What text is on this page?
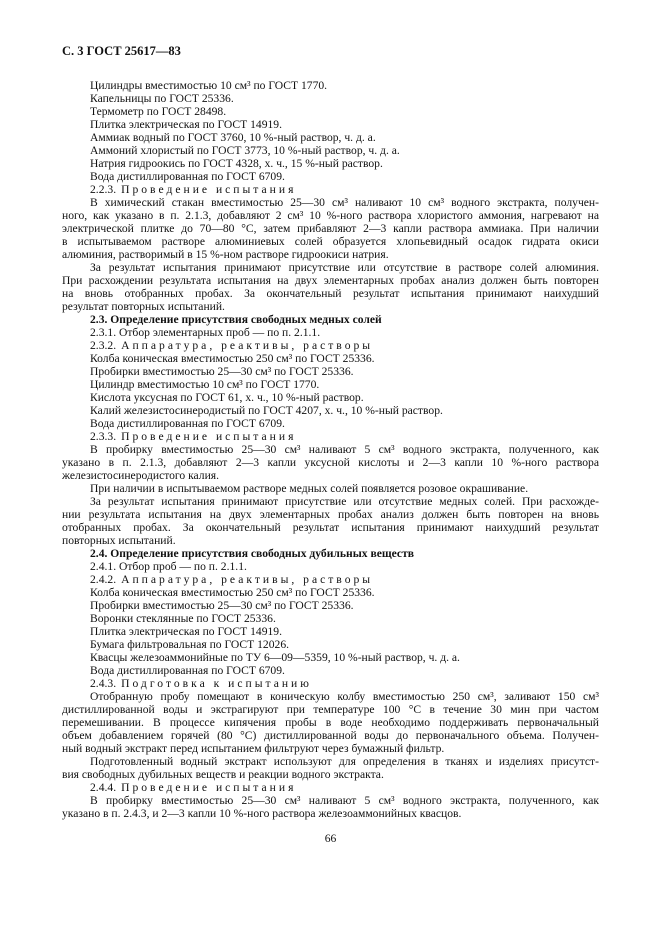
С. 3 ГОСТ 25617—83
Цилиндры вместимостью 10 см³ по ГОСТ 1770.
Капельницы по ГОСТ 25336.
Термометр по ГОСТ 28498.
Плитка электрическая по ГОСТ 14919.
Аммиак водный по ГОСТ 3760, 10 %-ный раствор, ч. д. а.
Аммоний хлористый по ГОСТ 3773, 10 %-ный раствор, ч. д. а.
Натрия гидроокись по ГОСТ 4328, х. ч., 15 %-ный раствор.
Вода дистиллированная по ГОСТ 6709.
2.2.3. Проведение испытания
В химический стакан вместимостью 25—30 см³ наливают 10 см³ водного экстракта, получен-
ного, как указано в п. 2.1.3, добавляют 2 см³ 10 %-ного раствора хлористого аммония, нагревают на
электрической плитке до 70—80 °С, затем прибавляют 2—3 капли раствора аммиака. При наличии
в испытываемом растворе алюминиевых солей образуется хлопьевидный осадок гидрата окиси
алюминия, растворимый в 15 %-ном растворе гидроокиси натрия.
За результат испытания принимают присутствие или отсутствие в растворе солей алюминия.
При расхождении результата испытания на двух элементарных пробах анализ должен быть повторен
на вновь отобранных пробах. За окончательный результат испытания принимают наихудший
результат повторных испытаний.
2.3. Определение присутствия свободных медных солей
2.3.1. Отбор элементарных проб — по п. 2.1.1.
2.3.2. Аппаратура, реактивы, растворы
Колба коническая вместимостью 250 см³ по ГОСТ 25336.
Пробирки вместимостью 25—30 см³ по ГОСТ 25336.
Цилиндр вместимостью 10 см³ по ГОСТ 1770.
Кислота уксусная по ГОСТ 61, х. ч., 10 %-ный раствор.
Калий железистосинеродистый по ГОСТ 4207, х. ч., 10 %-ный раствор.
Вода дистиллированная по ГОСТ 6709.
2.3.3. Проведение испытания
В пробирку вместимостью 25—30 см³ наливают 5 см³ водного экстракта, полученного, как
указано в п. 2.1.3, добавляют 2—3 капли уксусной кислоты и 2—3 капли 10 %-ного раствора
железистосинеродистого калия.
При наличии в испытываемом растворе медных солей появляется розовое окрашивание.
За результат испытания принимают присутствие или отсутствие медных солей. При расхожде-
нии результата испытания на двух элементарных пробах анализ должен быть повторен на вновь
отобранных пробах. За окончательный результат испытания принимают наихудший результат
повторных испытаний.
2.4. Определение присутствия свободных дубильных веществ
2.4.1. Отбор проб — по п. 2.1.1.
2.4.2. Аппаратура, реактивы, растворы
Колба коническая вместимостью 250 см³ по ГОСТ 25336.
Пробирки вместимостью 25—30 см³ по ГОСТ 25336.
Воронки стеклянные по ГОСТ 25336.
Плитка электрическая по ГОСТ 14919.
Бумага фильтровальная по ГОСТ 12026.
Квасцы железоаммонийные по ТУ 6—09—5359, 10 %-ный раствор, ч. д. а.
Вода дистиллированная по ГОСТ 6709.
2.4.3. Подготовка к испытанию
Отобранную пробу помещают в коническую колбу вместимостью 250 см³, заливают 150 см³
дистиллированной воды и экстрагируют при температуре 100 °С в течение 30 мин при частом
перемешивании. В процессе кипячения пробы в воде необходимо поддерживать первоначальный
объем добавлением горячей (80 °С) дистиллированной воды до первоначального объема. Получен-
ный водный экстракт перед испытанием фильтруют через бумажный фильтр.
Подготовленный водный экстракт используют для определения в тканях и изделиях присутст-
вия свободных дубильных веществ и реакции водного экстракта.
2.4.4. Проведение испытания
В пробирку вместимостью 25—30 см³ наливают 5 см³ водного экстракта, полученного, как
указано в п. 2.4.3, и 2—3 капли 10 %-ного раствора железоаммонийных квасцов.
66
